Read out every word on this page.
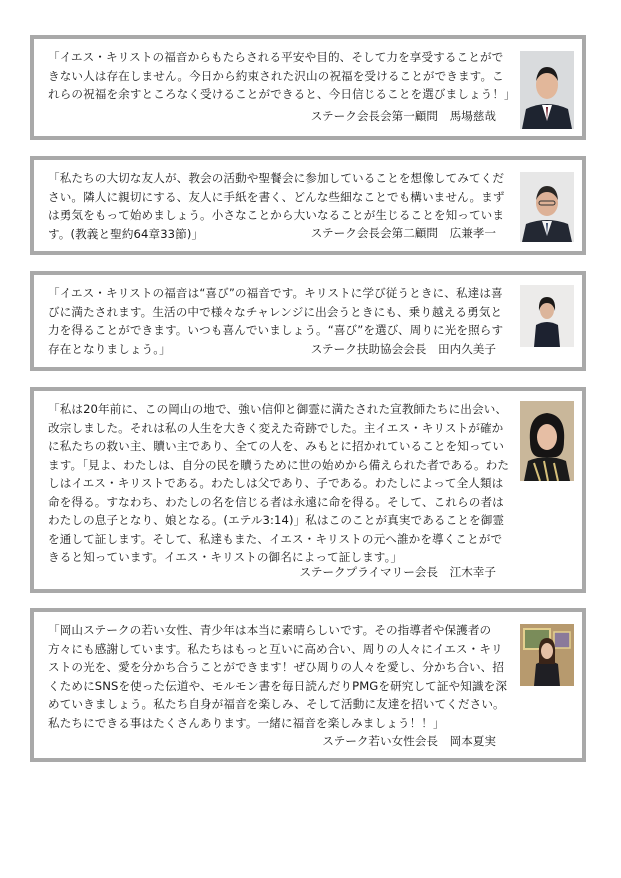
「イエス・キリストの福音からもたらされる平安や目的、そして力を享受することができない人は存在しません。今日から約束された沢山の祝福を受けることができます。これらの祝福を余すところなく受けることができると、今日信じることを選びましょう！」

ステーク会長会第一顧問　 馬場慈哉

「私たちの大切な友人が、教会の活動や聖餐会に参加していることを想像してみてください。隣人に親切にする、友人に手紙を書く、どんな些細なことでも構いません。まずは勇気をもって始めましょう。小さなことから大いなることが生じることを知っています。(教義と聖約64章33節)」	ステーク会長会第二顧問　 広兼孝一

「イエス・キリストの福音は“喜び”の福音です。キリストに学び従うときに、私達は喜びに満たされます。生活の中で様々なチャレンジに出会うときにも、乗り越える勇気と力を得ることができます。いつも喜んでいましょう。“喜び”を選び、周りに光を照らす存在となりましょう。」	ステーク扶助協会会長　 田内久美子

「私は20年前に、この岡山の地で、強い信仰と御霊に満たされた宣教師たちに出会い、改宗しました。それは私の人生を大きく変えた奇跡でした。主イエス・キリストが確かに私たちの救い主、贖い主であり、全ての人を、みもとに招かれていることを知っています。「見よ、わたしは、自分の民を贖うために世の始めから備えられた者である。わたしはイエス・キリストである。わたしは父であり、子である。わたしによって全人類は命を得る。すなわち、わたしの名を信じる者は永遠に命を得る。そして、これらの者はわたしの息子となり、娘となる。(エテル3:14)」私はこのことが真実であることを御霊を通して証します。そして、私達もまた、イエス・キリストの元へ誰かを導くことができると知っています。イエス・キリストの御名によって証します。」

ステークプライマリー会長　 江木幸子

「岡山ステークの若い女性、青少年は本当に素晴らしいです。その指導者や保護者の方々にも感謝しています。私たちはもっと互いに高め合い、周りの人々にイエス・キリストの光を、愛を分かち合うことができます！ぜひ周りの人々を愛し、分かち合い、招くためにSNSを使った伝道や、モルモン書を毎日読んだりPMGを研究して証や知識を深めていきましょう。私たち自身が福音を楽しみ、そして活動に友達を招いてください。私たちにできる事はたくさんあります。一緒に福音を楽しみましょう！！」

ステーク若い女性会長　 岡本夏実
